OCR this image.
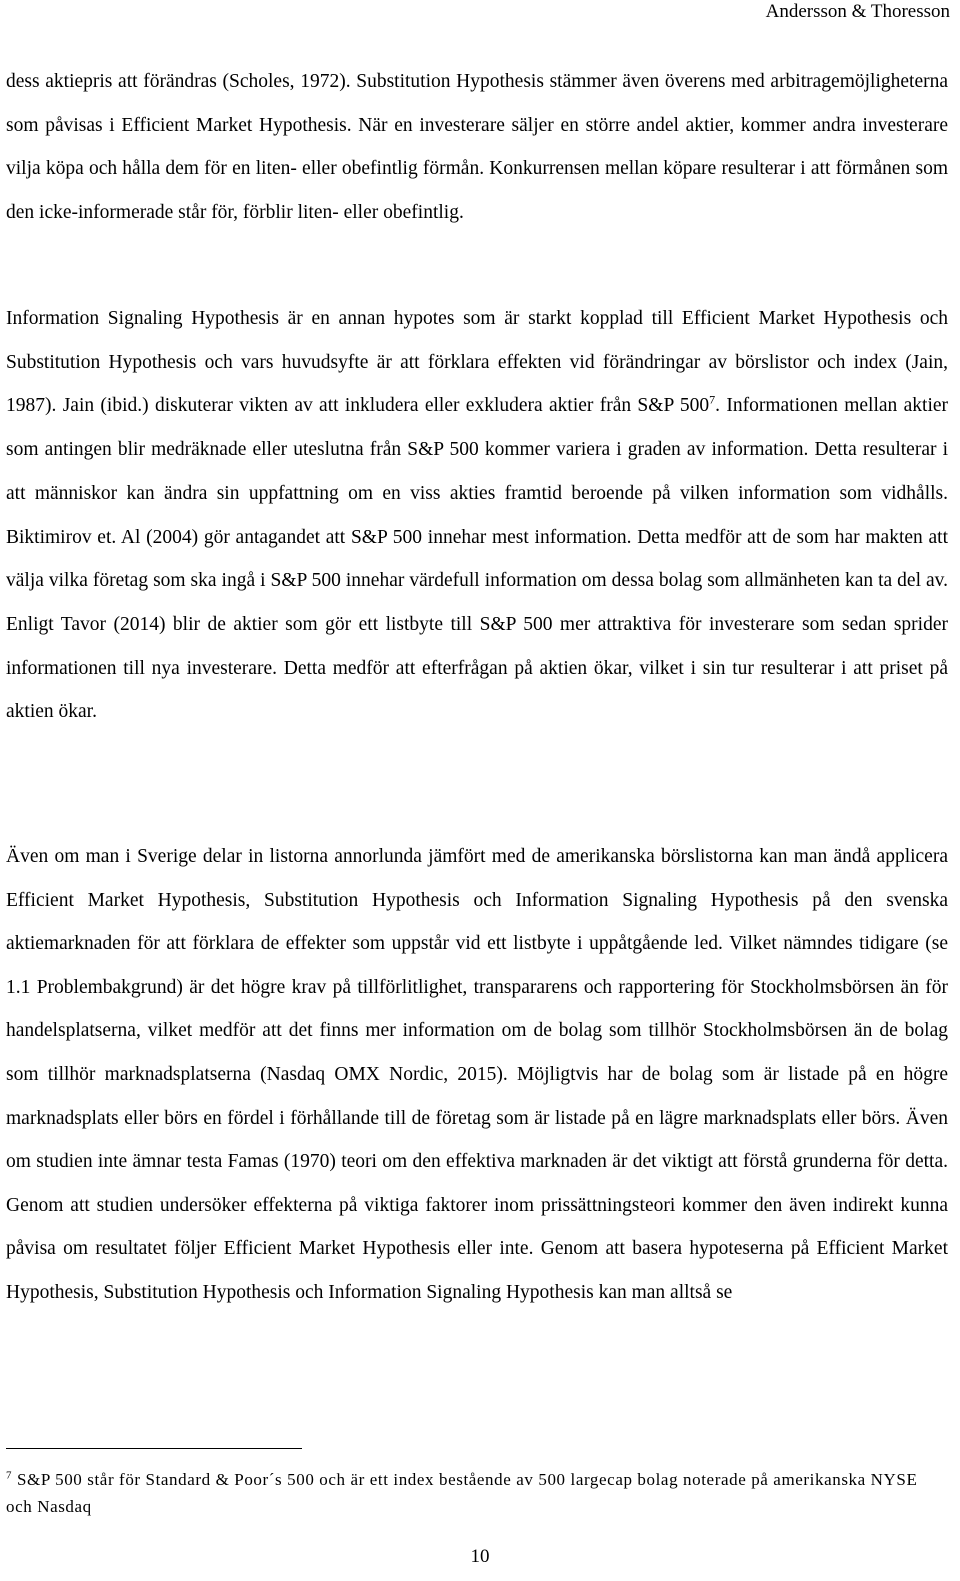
Andersson & Thoresson

dess aktiepris att förändras (Scholes, 1972). Substitution Hypothesis stämmer även överens med arbitragemöjligheterna som påvisas i Efficient Market Hypothesis. När en investerare säljer en större andel aktier, kommer andra investerare vilja köpa och hålla dem för en liten- eller obefintlig förmån. Konkurrensen mellan köpare resulterar i att förmånen som den icke-informerade står för, förblir liten- eller obefintlig.

Information Signaling Hypothesis är en annan hypotes som är starkt kopplad till Efficient Market Hypothesis och Substitution Hypothesis och vars huvudsyfte är att förklara effekten vid förändringar av börslistor och index (Jain, 1987). Jain (ibid.) diskuterar vikten av att inkludera eller exkludera aktier från S&P $500^7$. Informationen mellan aktier som antingen blir medräknade eller uteslutna från S&P 500 kommer variera i graden av information. Detta resulterar i att människor kan ändra sin uppfattning om en viss akties framtid beroende på vilken information som vidhålls. Biktimirov et. Al (2004) gör antagandet att S&P 500 innehar mest information. Detta medför att de som har makten att välja vilka företag som ska ingå i S&P 500 innehar värdefull information om dessa bolag som allmänheten kan ta del av. Enligt Tavor (2014) blir de aktier som gör ett listbyte till S&P 500 mer attraktiva för investerare som sedan sprider informationen till nya investerare. Detta medför att efterfrågan på aktien ökar, vilket i sin tur resulterar i att priset på aktien ökar.

Även om man i Sverige delar in listorna annorlunda jämfört med de amerikanska börslistorna kan man ändå applicera Efficient Market Hypothesis, Substitution Hypothesis och Information Signaling Hypothesis på den svenska aktiemarknaden för att förklara de effekter som uppstår vid ett listbyte i uppåtgående led. Vilket nämndes tidigare (se 1.1 Problembakgrund) är det högre krav på tillförlitlighet, transpararens och rapportering för Stockholmsbörsen än för handelsplatserna, vilket medför att det finns mer information om de bolag som tillhör Stockholmsbörsen än de bolag som tillhör marknadsplatserna (Nasdaq OMX Nordic, 2015). Möjligtvis har de bolag som är listade på en högre marknadsplats eller börs en fördel i förhållande till de företag som är listade på en lägre marknadsplats eller börs. Även om studien inte ämnar testa Famas (1970) teori om den effektiva marknaden är det viktigt att förstå grunderna för detta. Genom att studien undersöker effekterna på viktiga faktorer inom prissättningsteori kommer den även indirekt kunna påvisa om resultatet följer Efficient Market Hypothesis eller inte. Genom att basera hypoteserna på Efficient Market Hypothesis, Substitution Hypothesis och Information Signaling Hypothesis kan man alltså se

$^7$ S&P 500 står för Standard & Poor´s 500 och är ett index bestående av 500 largecap bolag noterade på amerikanska NYSE och Nasdaq
10
